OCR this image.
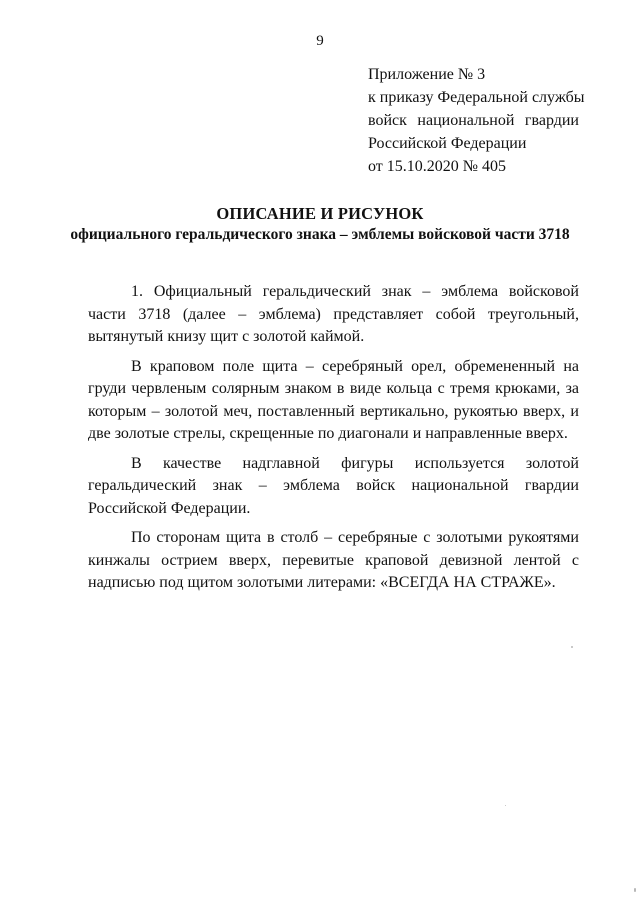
9
Приложение № 3
к приказу Федеральной службы
войск национальной гвардии
Российской Федерации
от 15.10.2020 № 405
ОПИСАНИЕ И РИСУНОК
официального геральдического знака – эмблемы войсковой части 3718

1. Официальный геральдический знак – эмблема войсковой части 3718 (далее – эмблема) представляет собой треугольный, вытянутый книзу щит с золотой каймой.

В краповом поле щита – серебряный орел, обремененный на груди червленым солярным знаком в виде кольца с тремя крюками, за которым – золотой меч, поставленный вертикально, рукоятью вверх, и две золотые стрелы, скрещенные по диагонали и направленные вверх.

В качестве надглавной фигуры используется золотой геральдический знак – эмблема войск национальной гвардии Российской Федерации.

По сторонам щита в столб – серебряные с золотыми рукоятями кинжалы острием вверх, перевитые краповой девизной лентой с надписью под щитом золотыми литерами: «ВСЕГДА НА СТРАЖЕ».
